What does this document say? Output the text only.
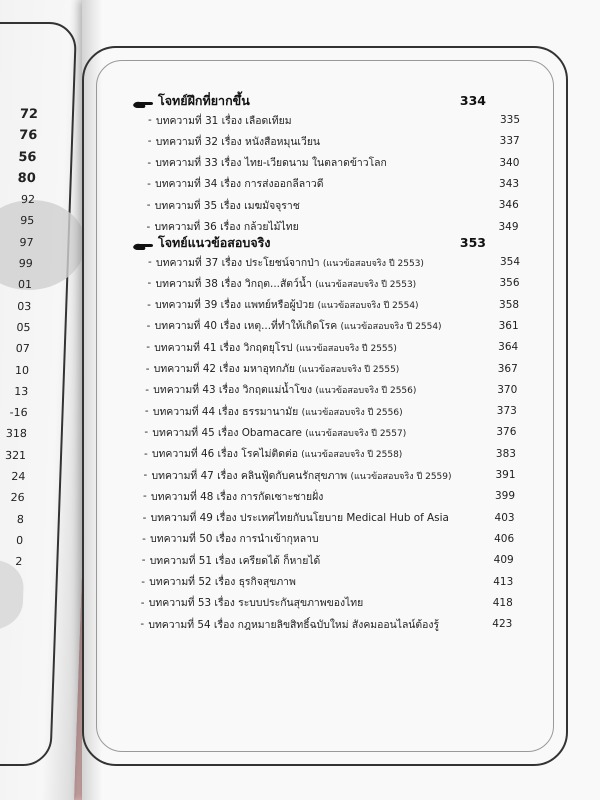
72
76
56
80
92
95
97
99
01
03
05
07
10
13
-16
318
321
24
26
8
0
2
โจทย์ฝึกที่ยากขึ้น	334
- บทความที่ 31 เรื่อง เลือดเทียม	335
- บทความที่ 32 เรื่อง หนังสือหมุนเวียน	337
- บทความที่ 33 เรื่อง ไทย-เวียดนาม ในตลาดข้าวโลก	340
- บทความที่ 34 เรื่อง การส่งออกลีลาวดี	343
- บทความที่ 35 เรื่อง เมฆมัจจุราช	346
- บทความที่ 36 เรื่อง กล้วยไม้ไทย	349
โจทย์แนวข้อสอบจริง	353
- บทความที่ 37 เรื่อง ประโยชน์จากป่า (แนวข้อสอบจริง ปี 2553)	354
- บทความที่ 38 เรื่อง วิกฤต...สัตว์น้ำ (แนวข้อสอบจริง ปี 2553)	356
- บทความที่ 39 เรื่อง แพทย์หรือผู้ป่วย (แนวข้อสอบจริง ปี 2554)	358
- บทความที่ 40 เรื่อง เหตุ...ที่ทำให้เกิดโรค (แนวข้อสอบจริง ปี 2554)	361
- บทความที่ 41 เรื่อง วิกฤตยุโรป (แนวข้อสอบจริง ปี 2555)	364
- บทความที่ 42 เรื่อง มหาอุทกภัย (แนวข้อสอบจริง ปี 2555)	367
- บทความที่ 43 เรื่อง วิกฤตแม่น้ำโขง (แนวข้อสอบจริง ปี 2556)	370
- บทความที่ 44 เรื่อง ธรรมานามัย (แนวข้อสอบจริง ปี 2556)	373
- บทความที่ 45 เรื่อง Obamacare (แนวข้อสอบจริง ปี 2557)	376
- บทความที่ 46 เรื่อง โรคไม่ติดต่อ (แนวข้อสอบจริง ปี 2558)	383
- บทความที่ 47 เรื่อง คลินฟู้ดกับคนรักสุขภาพ (แนวข้อสอบจริง ปี 2559)	391
- บทความที่ 48 เรื่อง การกัดเซาะชายฝั่ง	399
- บทความที่ 49 เรื่อง ประเทศไทยกับนโยบาย Medical Hub of Asia	403
- บทความที่ 50 เรื่อง การนำเข้ากุหลาบ	406
- บทความที่ 51 เรื่อง เครียดได้ ก็หายได้	409
- บทความที่ 52 เรื่อง ธุรกิจสุขภาพ	413
- บทความที่ 53 เรื่อง ระบบประกันสุขภาพของไทย	418
- บทความที่ 54 เรื่อง กฎหมายลิขสิทธิ์ฉบับใหม่ สังคมออนไลน์ต้องรู้	423
